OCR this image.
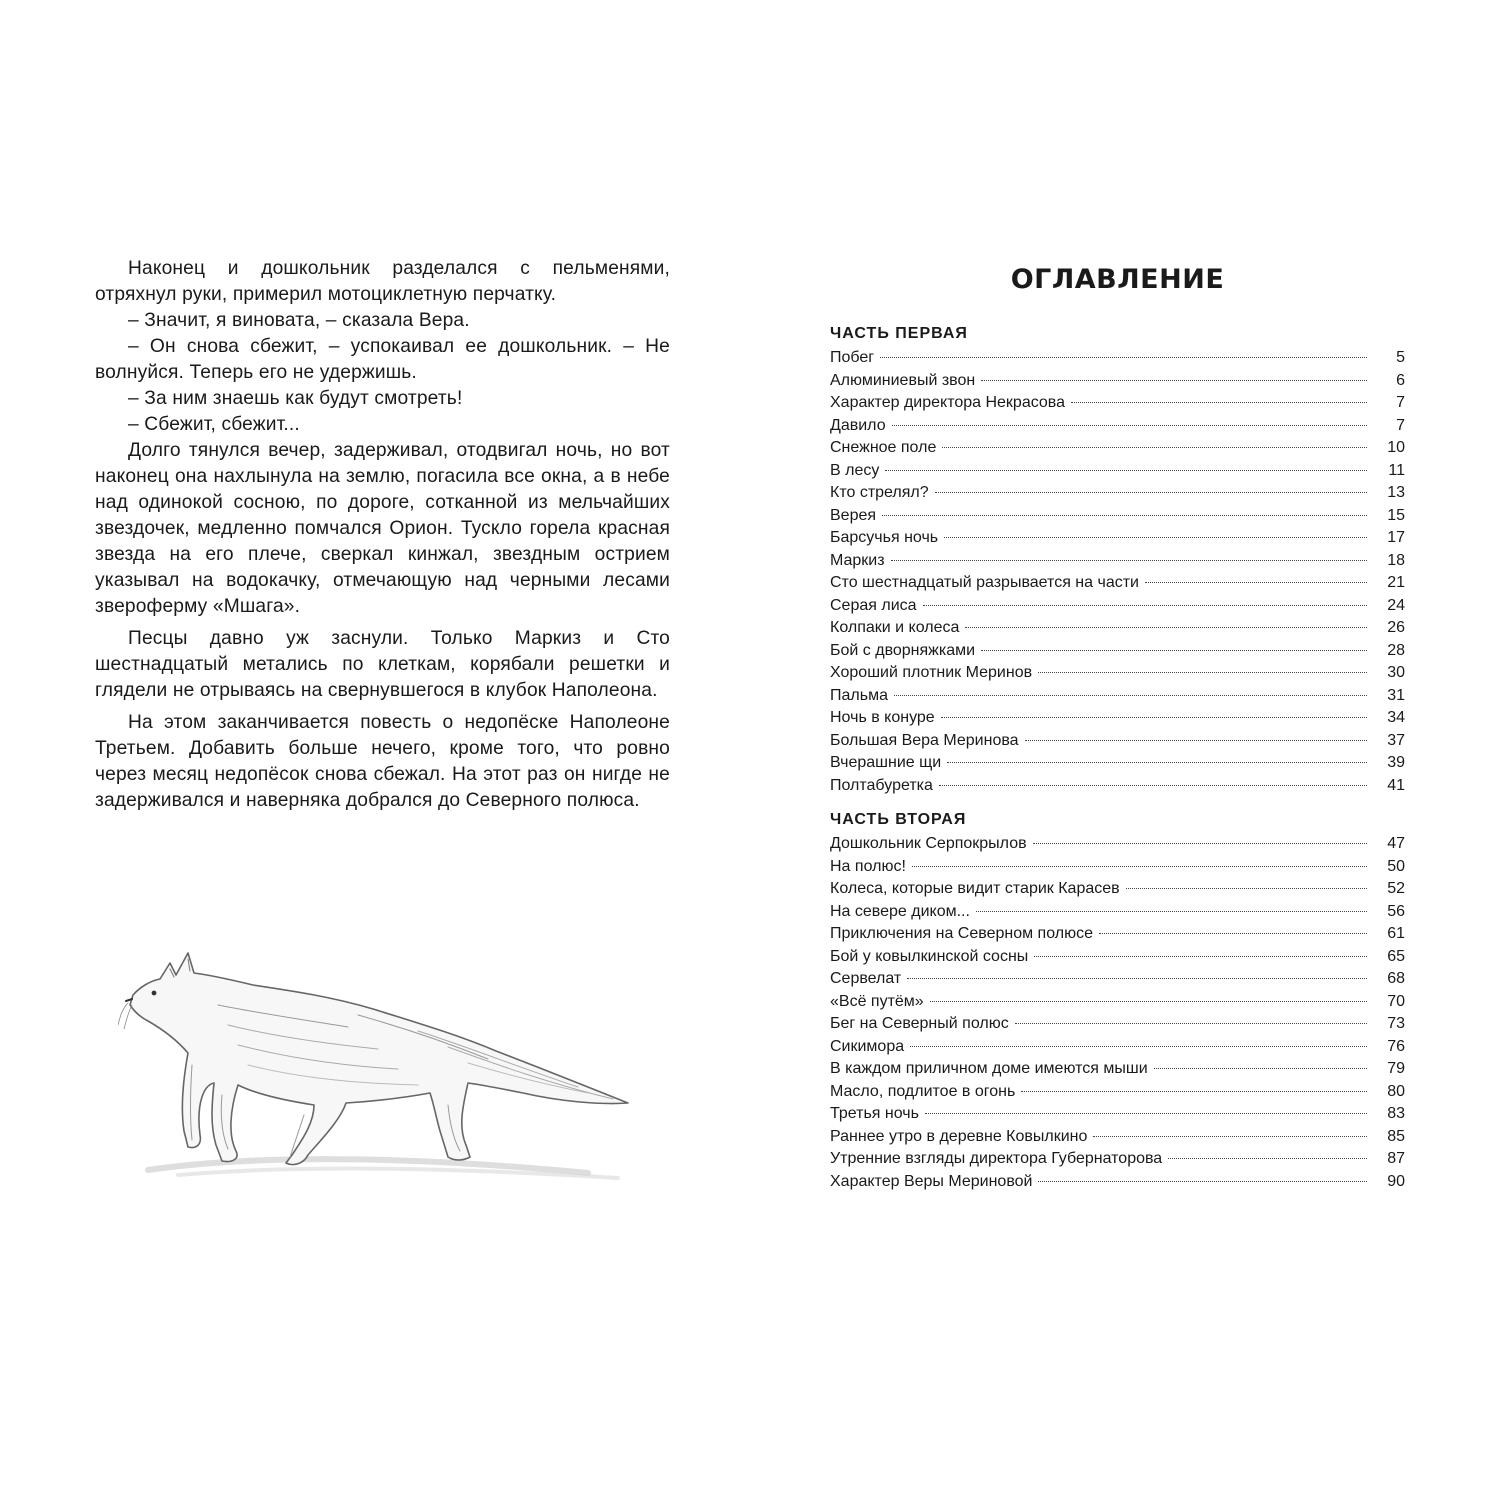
Наконец и дошкольник разделался с пельменями, отряхнул руки, примерил мотоциклетную перчатку.

– Значит, я виновата, – сказала Вера.

– Он снова сбежит, – успокаивал ее дошкольник. – Не волнуйся. Теперь его не удержишь.

– За ним знаешь как будут смотреть!

– Сбежит, сбежит...

Долго тянулся вечер, задерживал, отодвигал ночь, но вот наконец она нахлынула на землю, погасила все окна, а в небе над одинокой сосною, по дороге, сотканной из мельчайших звездочек, медленно помчался Орион. Тускло горела красная звезда на его плече, сверкал кинжал, звездным острием указывал на водокачку, отмечающую над черными лесами звероферму «Мшага».

Песцы давно уж заснули. Только Маркиз и Сто шестнадцатый метались по клеткам, корябали решетки и глядели не отрываясь на свернувшегося в клубок Наполеона.

На этом заканчивается повесть о недопёске Наполеоне Третьем. Добавить больше нечего, кроме того, что ровно через месяц недопёсок снова сбежал. На этот раз он нигде не задерживался и наверняка добрался до Северного полюса.

ОГЛАВЛЕНИЕ
ЧАСТЬ ПЕРВАЯ
Побег	5
Алюминиевый звон	6
Характер директора Некрасова	7
Давило	7
Снежное поле	10
В лесу	11
Кто стрелял?	13
Верея	15
Барсучья ночь	17
Маркиз	18
Сто шестнадцатый разрывается на части	21
Серая лиса	24
Колпаки и колеса	26
Бой с дворняжками	28
Хороший плотник Меринов	30
Пальма	31
Ночь в конуре	34
Большая Вера Меринова	37
Вчерашние щи	39
Полтабуретка	41
ЧАСТЬ ВТОРАЯ
Дошкольник Серпокрылов	47
На полюс!	50
Колеса, которые видит старик Карасев	52
На севере диком...	56
Приключения на Северном полюсе	61
Бой у ковылкинской сосны	65
Сервелат	68
«Всё путём»	70
Бег на Северный полюс	73
Сикимора	76
В каждом приличном доме имеются мыши	79
Масло, подлитое в огонь	80
Третья ночь	83
Раннее утро в деревне Ковылкино	85
Утренние взгляды директора Губернаторова	87
Характер Веры Мериновой	90
